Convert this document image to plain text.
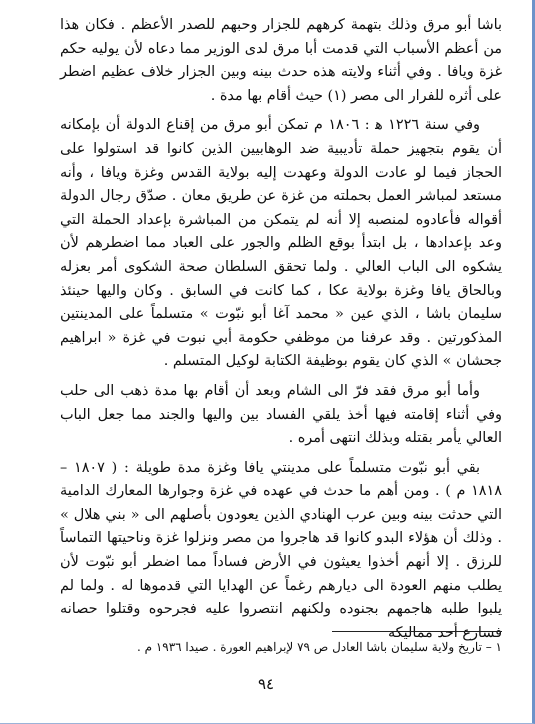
باشا أبو مرق وذلك بتهمة كرههم للجزار وحبهم للصدر الأعظم . فكان هذا من أعظم الأسباب التي قدمت أبا مرق لدى الوزير مما دعاه لأن يوليه حكم غزة ويافا . وفي أثناء ولايته هذه حدث بينه وبين الجزار خلاف عظيم اضطر على أثره للفرار الى مصر (١) حيث أقام بها مدة .

وفي سنة ١٢٢٦ ﻫ : ١٨٠٦ م تمكن أبو مرق من إقناع الدولة أن بإمكانه أن يقوم بتجهيز حملة تأديبية ضد الوهابيين الذين كانوا قد استولوا على الحجاز فيما لو عادت الدولة وعهدت إليه بولاية القدس وغزة ويافا ، وأنه مستعد لمباشر العمل بحملته من غزة عن طريق معان . صدّق رجال الدولة أقواله فأعادوه لمنصبه إلا أنه لم يتمكن من المباشرة بإعداد الحملة التي وعد بإعدادها ، بل ابتدأ بوقع الظلم والجور على العباد مما اضطرهم لأن يشكوه الى الباب العالي . ولما تحقق السلطان صحة الشكوى أمر بعزله وبالحاق يافا وغزة بولاية عكا ، كما كانت في السابق . وكان واليها حينئذ سليمان باشا ، الذي عين « محمد آغا أبو نبّوت » متسلماً على المدينتين المذكورتين . وقد عرفنا من موظفي حكومة أبي نبوت في غزة « ابراهيم جحشان » الذي كان يقوم بوظيفة الكتابة لوكيل المتسلم .

وأما أبو مرق فقد فرّ الى الشام وبعد أن أقام بها مدة ذهب الى حلب وفي أثناء إقامته فيها أخذ يلقي الفساد بين واليها والجند مما جعل الباب العالي يأمر بقتله وبذلك انتهى أمره .

بقي أبو نبّوت متسلماً على مدينتي يافا وغزة مدة طويلة : ( ١٨٠٧ – ١٨١٨ م ) . ومن أهم ما حدث في عهده في غزة وجوارها المعارك الدامية التي حدثت بينه وبين عرب الهنادي الذين يعودون بأصلهم الى « بني هلال » . وذلك أن هؤلاء البدو كانوا قد هاجروا من مصر ونزلوا غزة وناحيتها التماساً للرزق . إلا أنهم أخذوا يعيثون في الأرض فساداً مما اضطر أبو نبّوت لأن يطلب منهم العودة الى ديارهم رغماً عن الهدايا التي قدموها له . ولما لم يلبوا طلبه هاجمهم بجنوده ولكنهم انتصروا عليه فجرحوه وقتلوا حصانه فسارع أحد مماليكه

١ – تاريخ ولاية سليمان باشا العادل ص ٧٩ لإبراهيم العورة . صيدا ١٩٣٦ م .
٩٤
